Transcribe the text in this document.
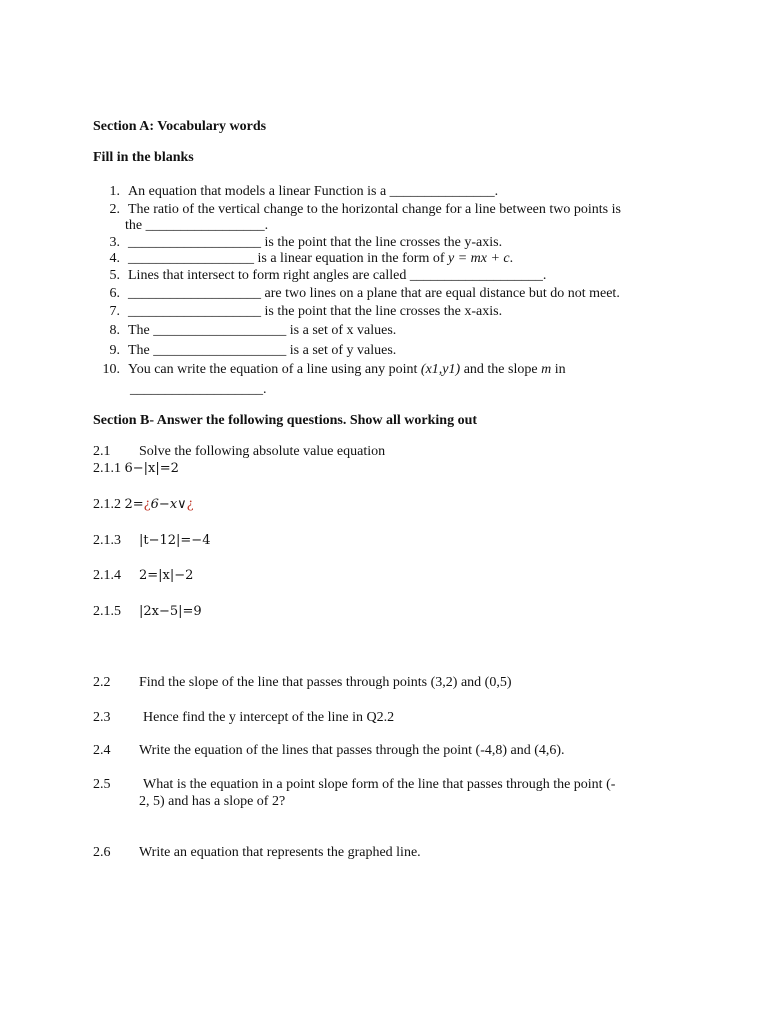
Section A: Vocabulary words
Fill in the blanks
1. An equation that models a linear Function is a _______________.
2. The ratio of the vertical change to the horizontal change for a line between two points is
the _________________.
3. ___________________ is the point that the line crosses the y-axis.
4. __________________ is a linear equation in the form of y = mx + c.
5. Lines that intersect to form right angles are called ___________________.
6. ___________________ are two lines on a plane that are equal distance but do not meet.
7. ___________________ is the point that the line crosses the x-axis.
8. The ___________________ is a set of x values.
9. The ___________________ is a set of y values.
10. You can write the equation of a line using any point (x1,y1) and the slope m in
___________________.
Section B- Answer the following questions. Show all working out
2.1 Solve the following absolute value equation
2.1.1 6−|x|=2
2.1.2 2=¿6−x∨¿
2.1.3 |t−12|=−4
2.1.4 2=|x|−2
2.1.5 |2x−5|=9
2.2 Find the slope of the line that passes through points (3,2) and (0,5)
2.3 Hence find the y intercept of the line in Q2.2
2.4 Write the equation of the lines that passes through the point (-4,8) and (4,6).
2.5 What is the equation in a point slope form of the line that passes through the point (-
2, 5) and has a slope of 2?
2.6 Write an equation that represents the graphed line.
